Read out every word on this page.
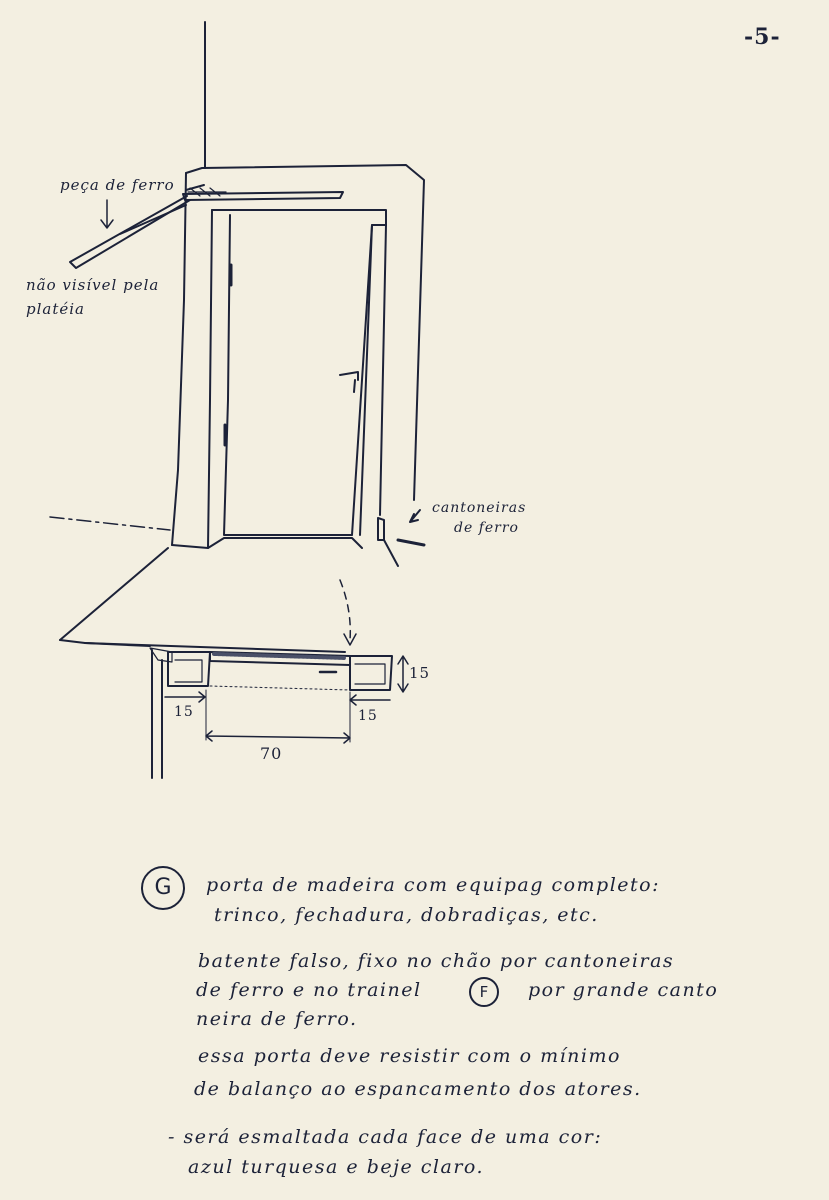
-5-
peça de ferro
não visível pela
platéia
cantoneiras
de ferro
15
15	15
70
G
F
porta de madeira com equipag completo:
trinco, fechadura, dobradiças, etc.
batente falso, fixo no chão por cantoneiras
de ferro e no trainel	por grande canto
neira de ferro.
essa porta deve resistir com o mínimo
de balanço ao espancamento dos atores.
- será esmaltada cada face de uma cor:
azul turquesa e beje claro.
